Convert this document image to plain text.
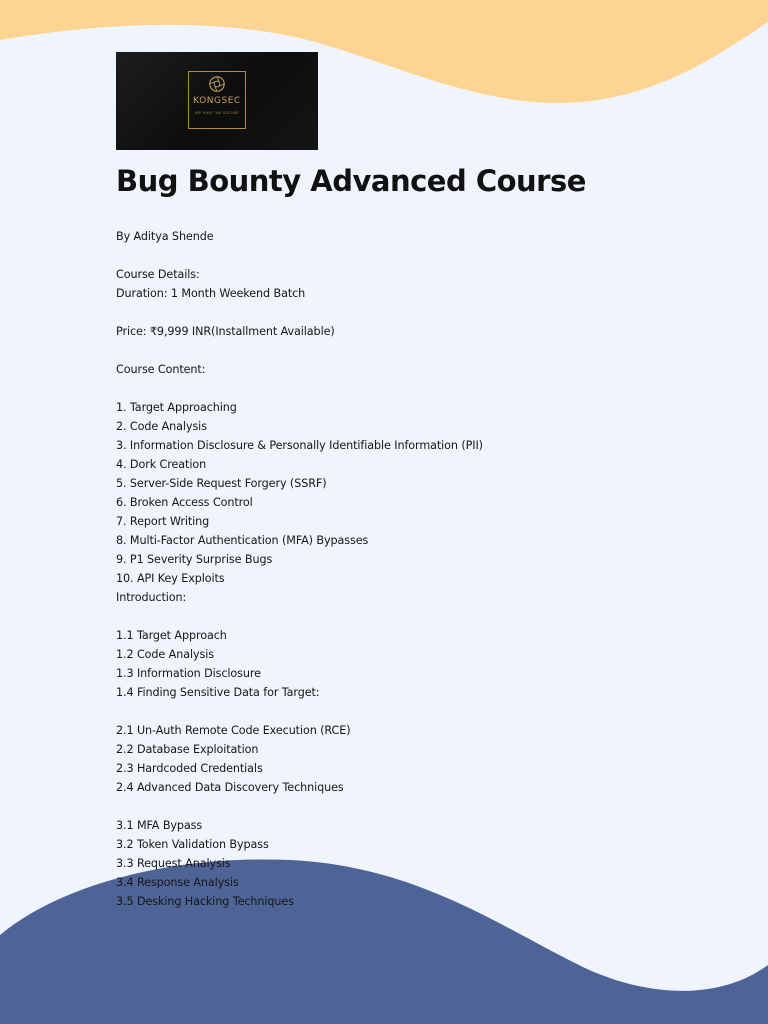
KONGSEC
WE HUNT WE SECURE
Bug Bounty Advanced Course
By Aditya Shende
Course Details:
Duration: 1 Month Weekend Batch
Price: ₹9,999 INR(Installment Available)
Course Content:
1. Target Approaching
2. Code Analysis
3. Information Disclosure & Personally Identifiable Information (PII)
4. Dork Creation
5. Server-Side Request Forgery (SSRF)
6. Broken Access Control
7. Report Writing
8. Multi-Factor Authentication (MFA) Bypasses
9. P1 Severity Surprise Bugs
10. API Key Exploits
Introduction:
1.1 Target Approach
1.2 Code Analysis
1.3 Information Disclosure
1.4 Finding Sensitive Data for Target:
2.1 Un-Auth Remote Code Execution (RCE)
2.2 Database Exploitation
2.3 Hardcoded Credentials
2.4 Advanced Data Discovery Techniques
3.1 MFA Bypass
3.2 Token Validation Bypass
3.3 Request Analysis
3.4 Response Analysis
3.5 Desking Hacking Techniques
